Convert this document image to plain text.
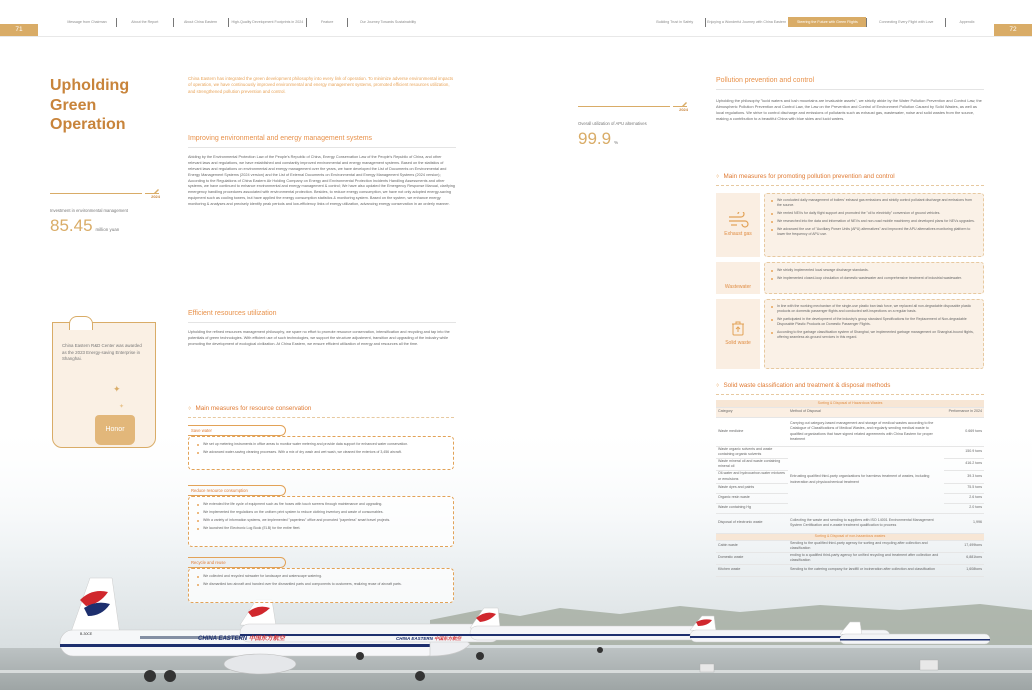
CHINA EASTERN 中国东方航空	CHINA EASTERN 中国东方航空
B-30CE
71
Message from Chairman	About the Report	About China Eastern	High-Quality Development Footprints in 2024	Feature	Our Journey Towards Sustainability	Building Trust in Safety	Enjoying a Wonderful Journey with China Eastern	Steering the Future with Green Flights	Connecting Every Flight with Love	Appendix
72
Upholding
Green
Operation
China Eastern has integrated the green development philosophy into every link of operation. To minimize adverse environmental impacts of operation, we have continuously improved environmental and energy management systems, promoted efficient resources utilization, and strengthened pollution prevention and control.
2024
Investment in environmental management
85.45 million yuan
China Eastern R&D Center was awarded as the 2023 Energy-saving Enterprise in Shanghai.
✦
✦
Honor
Improving environmental and energy management systems
Abiding by the Environmental Protection Law of the People's Republic of China, Energy Conservation Law of the People's Republic of China, and other relevant laws and regulations, we have established and constantly improved environmental and energy management systems. Based on the statistics of relevant laws and regulations on environmental and energy management over the years, we have developed the List of Documents on Environmental and Energy Management Systems (2024 version) and the List of External Documents on Environmental and Energy Management Systems (2024 version); According to the Regulations of China Eastern Air Holding Company on Energy and Environmental Protection Incidents Handling Assessments and other systems, we have continued to enhance environmental and energy management & control; We have also updated the Emergency Response Manual, clarifying emergency handling procedures associated with environmental protection. Besides, to reduce energy consumption, we have not only adopted energy-saving equipment such as cooling towers, but have applied the energy consumption statistics & monitoring system. Based on the system, we enhance energy monitoring & analyses and precisely identify peak periods and low-efficiency links of energy utilization, advancing energy conservation in an orderly manner.
Efficient resources utilization
Upholding the refined resources management philosophy, we spare no effort to promote resource conservation, intensification and recycling and tap into the potentials of green technologies. With efficient use of such technologies, we support the structure adjustment, transition and upgrading of the industry while promoting the development of ecological civilization. At China Eastern, we ensure efficient utilization of energy and resources all the time.
⋅:⋅ Main measures for resource conservation
Save water
We set up metering instruments in office areas to monitor water metering and provide data support for enhanced water conservation.
We advanced water-saving cleaning processes. With a mix of dry wash and wet wash, we cleaned the exteriors of 3,456 aircraft.
Reduce resource consumption
We extended the life cycle of equipment such as fire hoses with touch screens through maintenance and upgrading.
We implemented the regulations on the uniform print system to reduce clothing inventory and waste of consumables.
With a variety of information systems, we implemented "paperless" office and promoted "paperless" smart travel projects.
We launched the Electronic Log Book (ELB) for the entire fleet.
Recycle and reuse
We collected and recycled rainwater for landscape and waterscape watering.
We dismantled two aircraft and handed over the dismantled parts and components to customers, realizing reuse of aircraft parts.
2024
Overall utilization of APU alternatives
99.9 %
Pollution prevention and control
Upholding the philosophy "lucid waters and lush mountains are invaluable assets", we strictly abide by the Water Pollution Prevention and Control Law, the Atmospheric Pollution Prevention and Control Law, the Law on the Prevention and Control of Environment Pollution Caused by Solid Wastes, as well as local regulations. We strive to control discharge and emissions of pollutants such as exhaust gas, wastewater, noise and solid wastes from the source, making a contribution to a beautiful China with blue skies and lucid waters.
⋅:⋅ Main measures for promoting pollution prevention and control
Exhaust gas
We conducted daily management of boilers' exhaust gas emissions and strictly control pollutant discharge and emissions from the source.
We rented NEVs for daily flight support and promoted the "oil to electricity" conversion of ground vehicles.
We researched into the data and information of NEVs and non-road mobile machinery and developed plans for NEVs upgrades.
We advanced the use of "Auxiliary Power Units (APU) alternatives" and improved the APU alternatives monitoring platform to lower the frequency of APU use.
Wastewater
We strictly implemented local sewage discharge standards.
We implemented closed-loop circulation of domestic wastewater and comprehensive treatment of industrial wastewater.
Solid waste
In line with the working mechanism of the single-use plastic ban task force, we replaced all non-degradable disposable plastic products on domestic passenger flights and conducted self-inspections on a regular basis.
We participated in the development of the industry's group standard Specifications for the Replacement of Non-degradable Disposable Plastic Products on Domestic Passenger Flights.
According to the garbage classification system of Shanghai, we implemented garbage management on Shanghai-bound flights, offering seamless air-ground services in this regard.
⋅:⋅ Solid waste classification and treatment & disposal methods
Sorting & Disposal of Hazardous Wastes		
Category	Method of Disposal	Performance in 2024
Waste medicine	Carrying out category-based management and storage of medical wastes according to the Catalogue of Classifications of Medical Wastes, and regularly sending medical waste to qualified organizations that have signed related agreements with China Eastern for proper treatment	0.669 tons
Waste organic solvents and waste containing organic solvents	Entrusting qualified third-party organizations for harmless treatment of wastes, including incineration and physicochemical treatment	150.9 tons
Waste mineral oil and waste containing mineral oil		416.2 tons
Oil-water and hydrocarbon-water mixtures or emulsions		39.3 tons
Waste dyes and paints		75.5 tons
Organic resin waste		2.6 tons
Waste containing Hg		2.0 tons
Disposal of electronic waste	Collecting the waste and sending to suppliers with ISO 14001 Environmental Management System Certification and e-waste treatment qualification to process	1,996
Sorting & Disposal of non-hazardous wastes		
Cabin waste	Sending to the qualified third-party agency for sorting and recycling after collection and classification	17,499tons
Domestic waste	ending to a qualified third-party agency for unified recycling and treatment after collection and classification	6,881tons
Kitchen waste	Sending to the catering company for landfill or incineration after collection and classification	1,608tons
